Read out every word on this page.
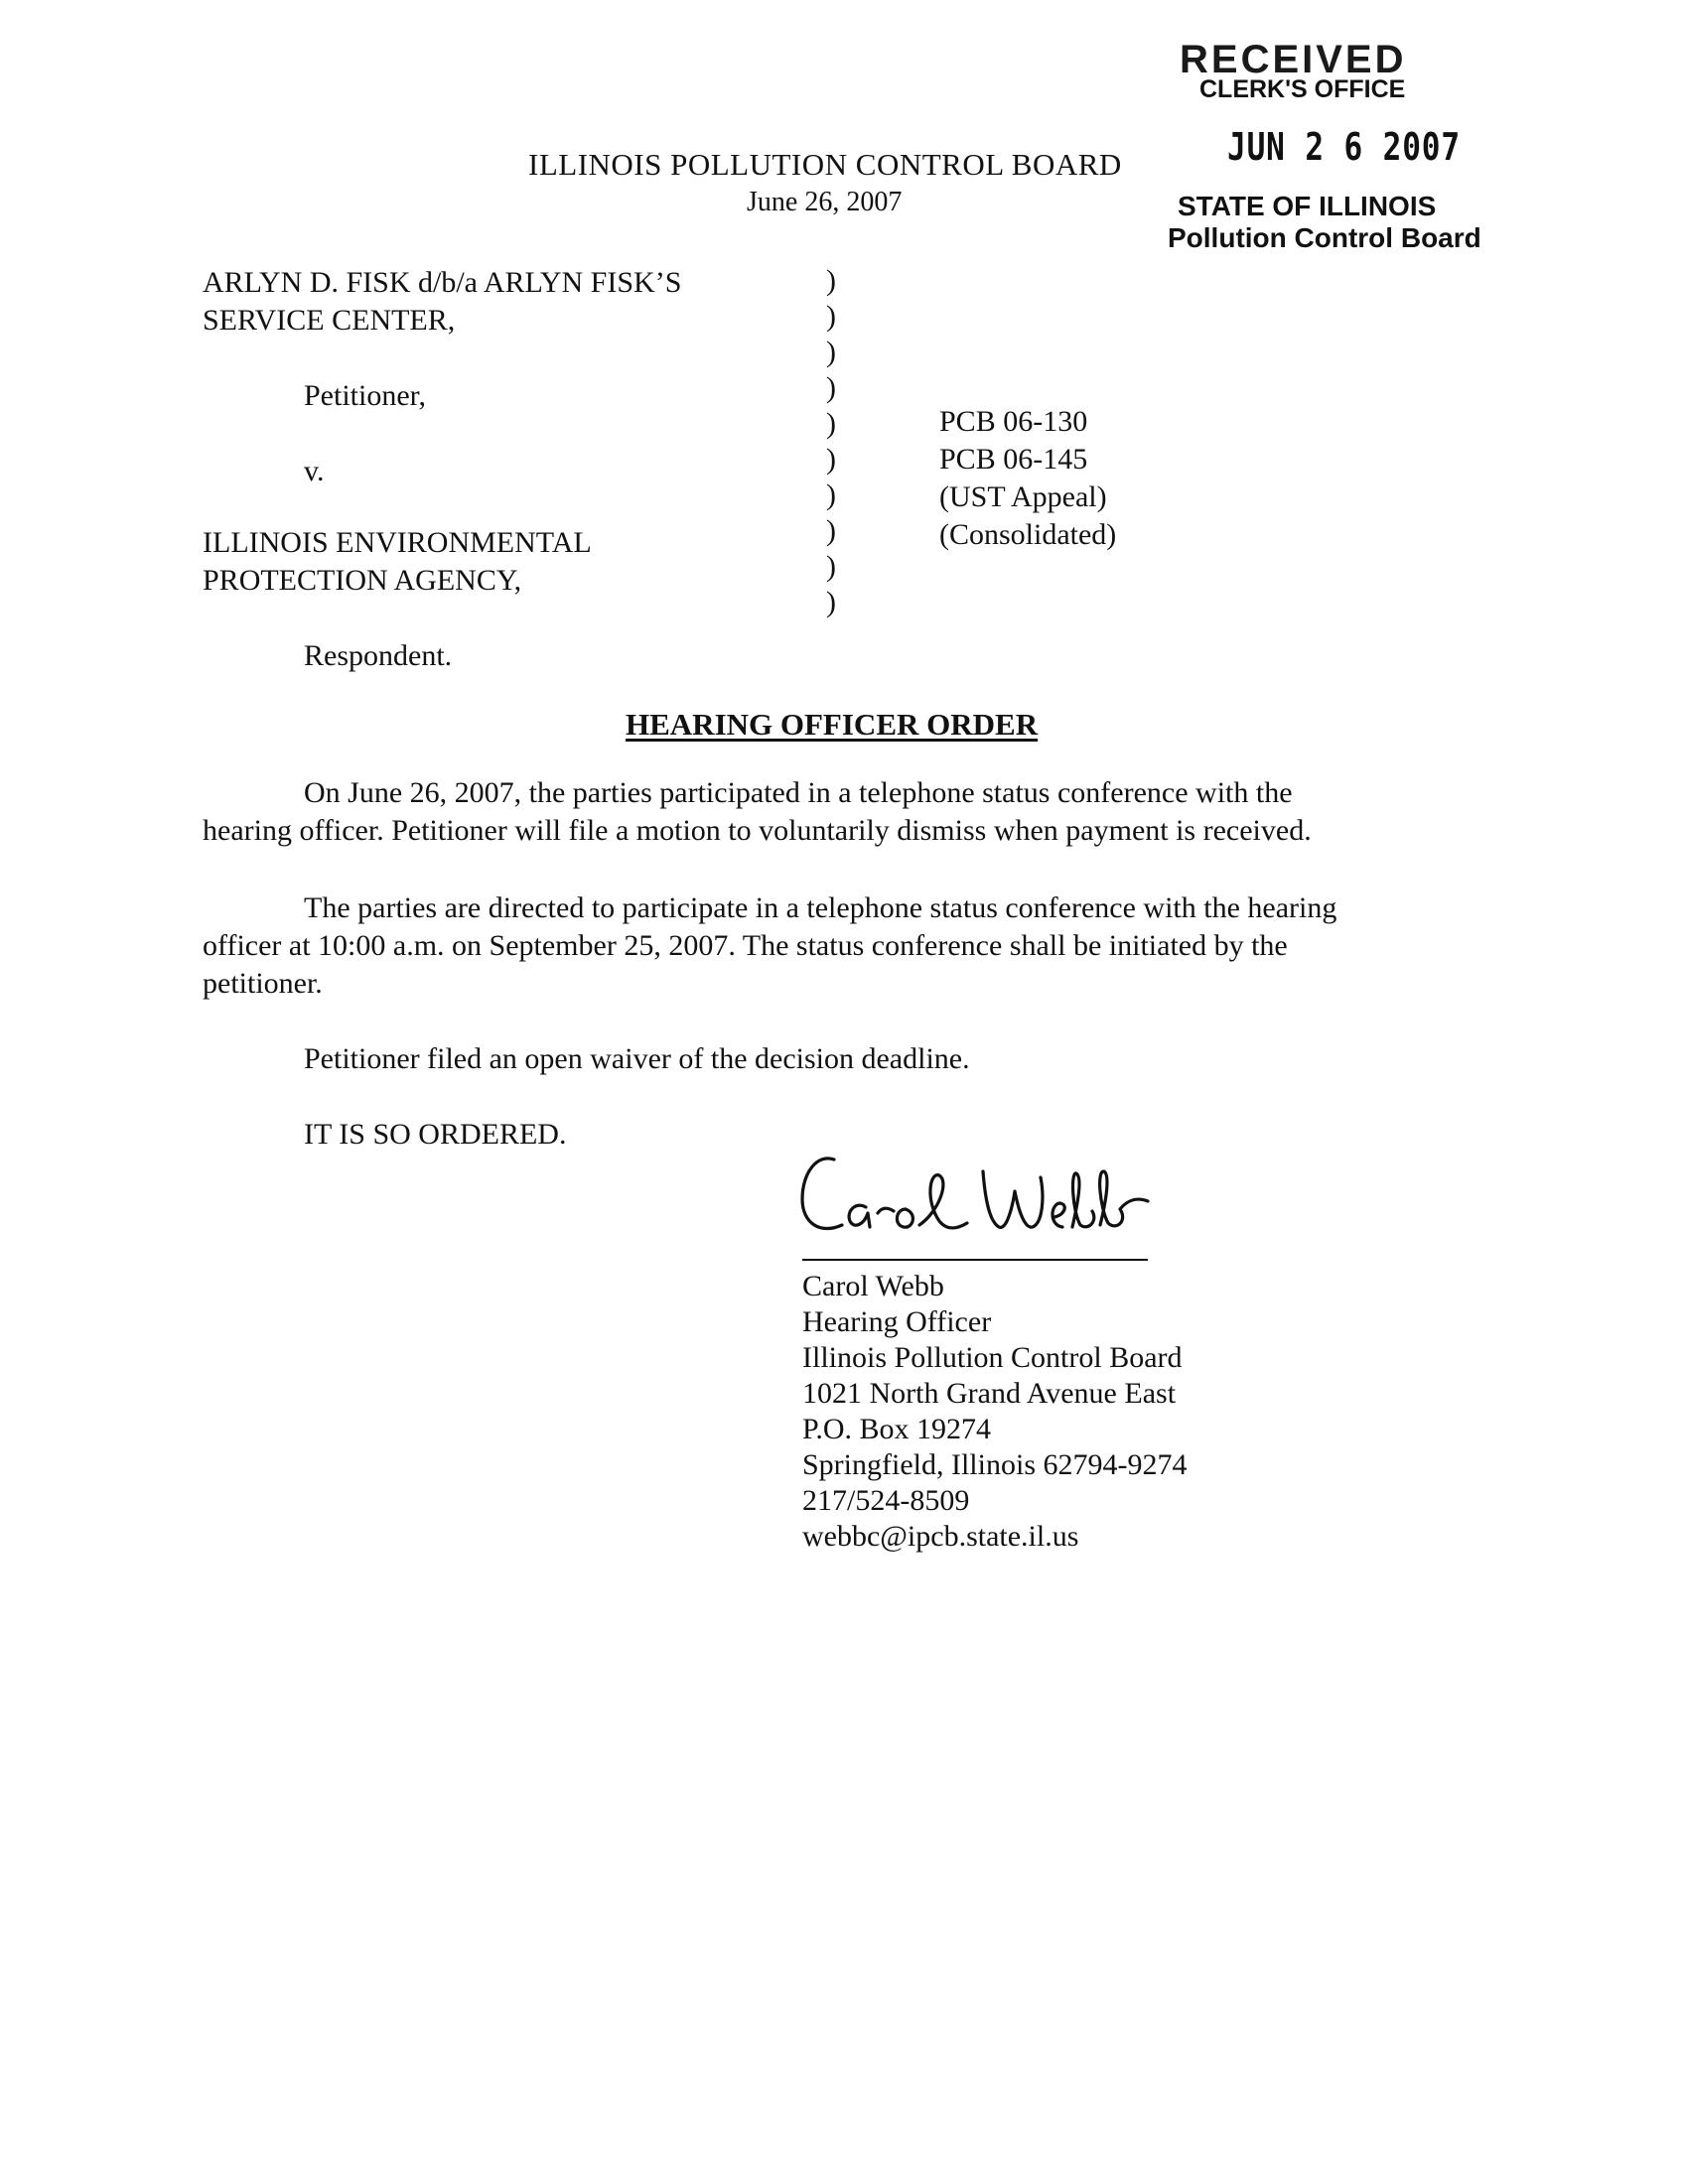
RECEIVED
CLERK'S OFFICE
JUN 2 6 2007
STATE OF ILLINOIS
Pollution Control Board
ILLINOIS POLLUTION CONTROL BOARD
June 26, 2007
ARLYN D. FISK d/b/a ARLYN FISK’S
SERVICE CENTER,
Petitioner,
v.
ILLINOIS ENVIRONMENTAL
PROTECTION AGENCY,
Respondent.
)
)
)
)
)
)
)
)
)
)
PCB 06-130
PCB 06-145
(UST Appeal)
(Consolidated)
HEARING OFFICER ORDER
On June 26, 2007, the parties participated in a telephone status conference with the
hearing officer. Petitioner will file a motion to voluntarily dismiss when payment is received.
The parties are directed to participate in a telephone status conference with the hearing
officer at 10:00 a.m. on September 25, 2007. The status conference shall be initiated by the
petitioner.
Petitioner filed an open waiver of the decision deadline.
IT IS SO ORDERED.
Carol Webb
Hearing Officer
Illinois Pollution Control Board
1021 North Grand Avenue East
P.O. Box 19274
Springfield, Illinois 62794-9274
217/524-8509
webbc@ipcb.state.il.us
